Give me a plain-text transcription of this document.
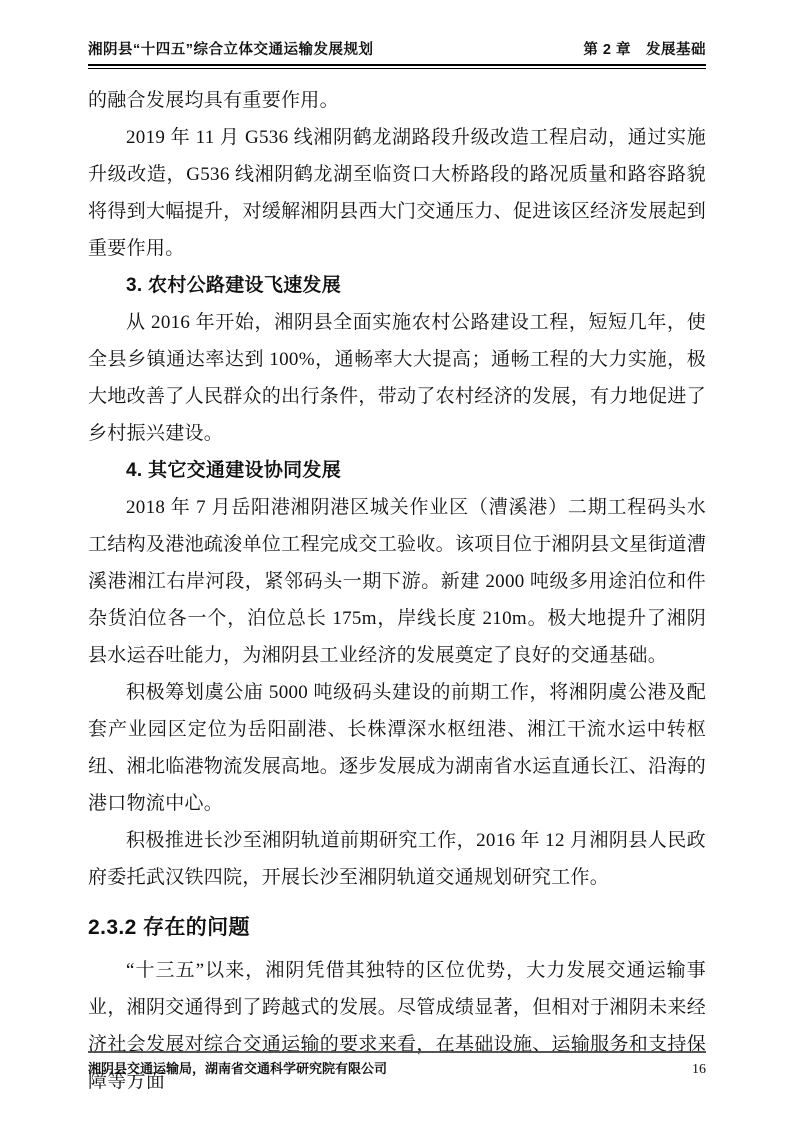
湘阴县“十四五”综合立体交通运输发展规划	第 2 章　发展基础

的融合发展均具有重要作用。

2019 年 11 月 G536 线湘阴鹤龙湖路段升级改造工程启动，通过实施升级改造，G536 线湘阴鹤龙湖至临资口大桥路段的路况质量和路容路貌将得到大幅提升，对缓解湘阴县西大门交通压力、促进该区经济发展起到重要作用。

3. 农村公路建设飞速发展

从 2016 年开始，湘阴县全面实施农村公路建设工程，短短几年，使全县乡镇通达率达到 100%，通畅率大大提高；通畅工程的大力实施，极大地改善了人民群众的出行条件，带动了农村经济的发展，有力地促进了乡村振兴建设。

4. 其它交通建设协同发展

2018 年 7 月岳阳港湘阴港区城关作业区（漕溪港）二期工程码头水工结构及港池疏浚单位工程完成交工验收。该项目位于湘阴县文星街道漕溪港湘江右岸河段，紧邻码头一期下游。新建 2000 吨级多用途泊位和件杂货泊位各一个，泊位总长 175m，岸线长度 210m。极大地提升了湘阴县水运吞吐能力，为湘阴县工业经济的发展奠定了良好的交通基础。

积极筹划虞公庙 5000 吨级码头建设的前期工作，将湘阴虞公港及配套产业园区定位为岳阳副港、长株潭深水枢纽港、湘江干流水运中转枢纽、湘北临港物流发展高地。逐步发展成为湖南省水运直通长江、沿海的港口物流中心。

积极推进长沙至湘阴轨道前期研究工作，2016 年 12 月湘阴县人民政府委托武汉铁四院，开展长沙至湘阴轨道交通规划研究工作。

2.3.2 存在的问题

“十三五”以来，湘阴凭借其独特的区位优势，大力发展交通运输事业，湘阴交通得到了跨越式的发展。尽管成绩显著，但相对于湘阴未来经济社会发展对综合交通运输的要求来看，在基础设施、运输服务和支持保障等方面

湘阴县交通运输局，湖南省交通科学研究院有限公司	16
